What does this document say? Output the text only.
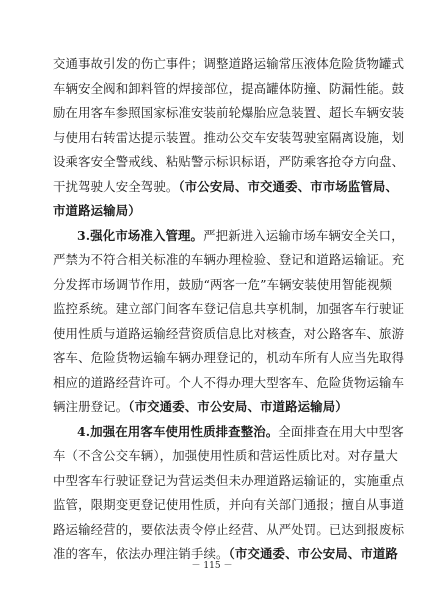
交通事故引发的伤亡事件；调整道路运输常压液体危险货物罐式
车辆安全阀和卸料管的焊接部位，提高罐体防撞、防漏性能。鼓
励在用客车参照国家标准安装前轮爆胎应急装置、超长车辆安装
与使用右转雷达提示装置。推动公交车安装驾驶室隔离设施，划
设乘客安全警戒线、粘贴警示标识标语，严防乘客抢夺方向盘、
干扰驾驶人安全驾驶。（市公安局、市交通委、市市场监管局、
市道路运输局）
3.强化市场准入管理。严把新进入运输市场车辆安全关口，
严禁为不符合相关标准的车辆办理检验、登记和道路运输证。充
分发挥市场调节作用，鼓励“两客一危”车辆安装使用智能视频
监控系统。建立部门间客车登记信息共享机制，加强客车行驶证
使用性质与道路运输经营资质信息比对核查，对公路客车、旅游
客车、危险货物运输车辆办理登记的，机动车所有人应当先取得
相应的道路经营许可。个人不得办理大型客车、危险货物运输车
辆注册登记。（市交通委、市公安局、市道路运输局）
4.加强在用客车使用性质排查整治。全面排查在用大中型客
车（不含公交车辆），加强使用性质和营运性质比对。对存量大
中型客车行驶证登记为营运类但未办理道路运输证的，实施重点
监管，限期变更登记使用性质，并向有关部门通报；擅自从事道
路运输经营的，要依法责令停止经营、从严处罚。已达到报废标
准的客车，依法办理注销手续。（市交通委、市公安局、市道路
－ 115 －
